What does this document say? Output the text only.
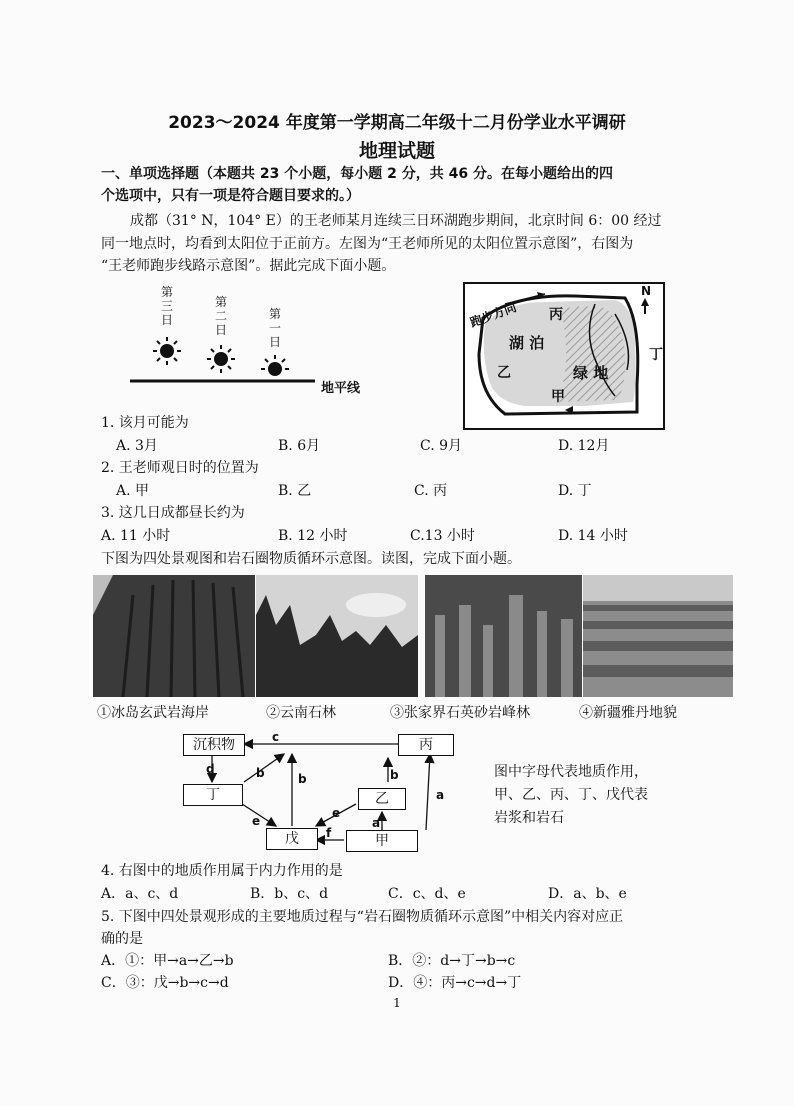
2023～2024 年度第一学期高二年级十二月份学业水平调研
地理试题
一、单项选择题（本题共 23 个小题，每小题 2 分，共 46 分。在每小题给出的四
个选项中，只有一项是符合题目要求的。）
成都（31° N，104° E）的王老师某月连续三日环湖跑步期间，北京时间 6：00 经过
同一地点时，均看到太阳位于正前方。左图为“王老师所见的太阳位置示意图”，右图为
“王老师跑步线路示意图”。据此完成下面小题。
第
三
日
第
二
日
第
一
日
地平线
跑步方向
N
湖 泊
绿 地
丙
丁
乙
甲
1. 该月可能为
A. 3月	B. 6月	C. 9月	D. 12月
2. 王老师观日时的位置为
A. 甲	B. 乙	C. 丙	D. 丁
3. 这几日成都昼长约为
A. 11 小时	B. 12 小时	C.13 小时	D. 14 小时
下图为四处景观图和岩石圈物质循环示意图。读图，完成下面小题。
①冰岛玄武岩海岸	②云南石林	③张家界石英砂岩峰林	④新疆雅丹地貌
沉积物
丁
戊
乙
甲
丙
c
d	b	b	b
e
e
a
a
f
图中字母代表地质作用，
甲、乙、丙、丁、戊代表
岩浆和岩石
4. 右图中的地质作用属于内力作用的是
A．a、c、d	B．b、c、d	C．c、d、e	D．a、b、e
5. 下图中四处景观形成的主要地质过程与“岩石圈物质循环示意图”中相关内容对应正
确的是
A．①：甲→a→乙→b	B．②：d→丁→b→c
C．③：戊→b→c→d	D．④：丙→c→d→丁
1
